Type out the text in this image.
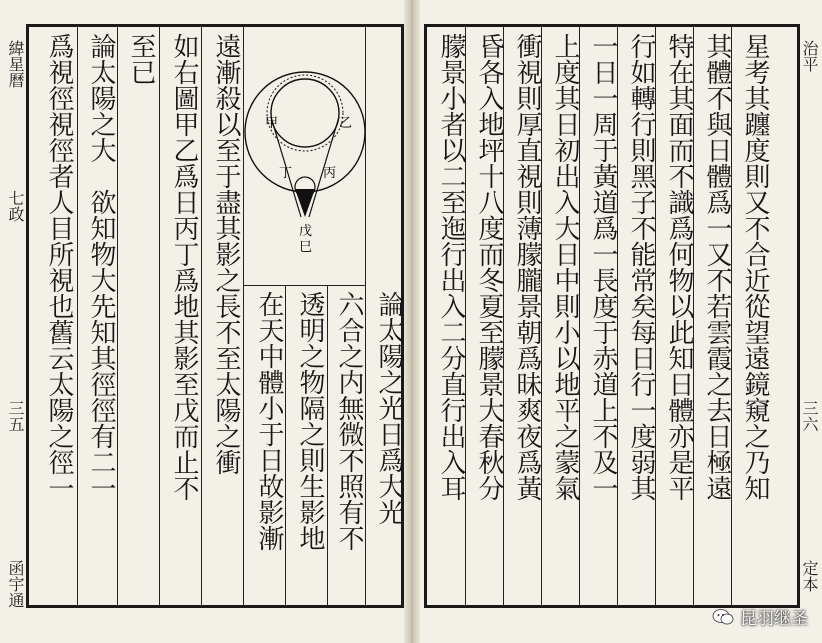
緯星曆
七政
三五
函宇通
爲視徑視徑者人目所視也舊云太陽之徑一 論太陽之大　欲知物大先知其徑徑有二一 至已 如右圖甲乙爲日丙丁爲地其影至戊而止不 遠漸殺以至于盡其影之長不至太陽之衝 在天中體小于日故影漸 透明之物隔之則生影地 六合之内無微不照有不 論太陽之光日爲大光
甲	乙
丙
丁
戊
巳	朦景小者以二至迤行出入二分直行出入耳 昏各入地坪十八度而冬夏至朦景大春秋分 衝視則厚直視則薄朦朧景朝爲昧爽夜爲黃 上度其日初出入大日中則小以地平之蒙氣 一日一周于黃道爲一長度于赤道上不及一 行如轉行則黑子不能常矣每日行一度弱其 特在其面而不識爲何物以此知日體亦是平 其體不與日體爲一又不若雲霞之去日極遠 星考其躔度則又不合近從望遠鏡窺之乃知 治平
三六
定本
昆羽继圣
